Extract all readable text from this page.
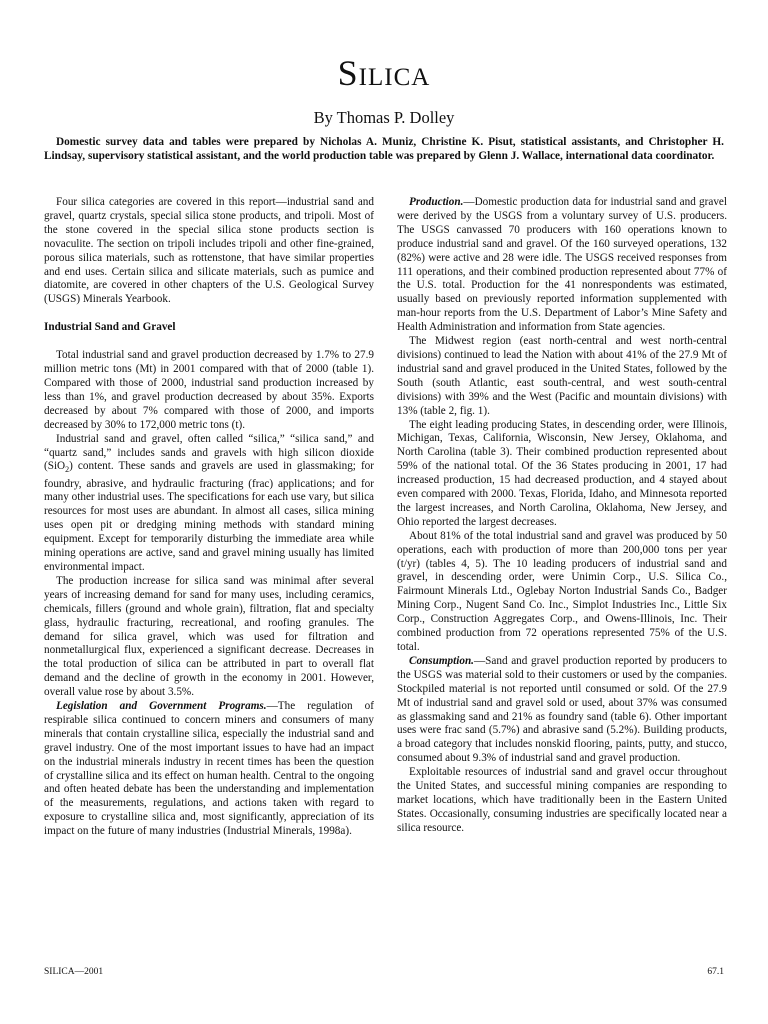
Silica
By Thomas P. Dolley

Domestic survey data and tables were prepared by Nicholas A. Muniz, Christine K. Pisut, statistical assistants, and Christopher H. Lindsay, supervisory statistical assistant, and the world production table was prepared by Glenn J. Wallace, international data coordinator.

Four silica categories are covered in this report—industrial sand and gravel, quartz crystals, special silica stone products, and tripoli. Most of the stone covered in the special silica stone products section is novaculite. The section on tripoli includes tripoli and other fine-grained, porous silica materials, such as rottenstone, that have similar properties and end uses. Certain silica and silicate materials, such as pumice and diatomite, are covered in other chapters of the U.S. Geological Survey (USGS) Minerals Yearbook.

Industrial Sand and Gravel

Total industrial sand and gravel production decreased by 1.7% to 27.9 million metric tons (Mt) in 2001 compared with that of 2000 (table 1). Compared with those of 2000, industrial sand production increased by less than 1%, and gravel production decreased by about 35%. Exports decreased by about 7% compared with those of 2000, and imports decreased by 30% to 172,000 metric tons (t).

Industrial sand and gravel, often called “silica,” “silica sand,” and “quartz sand,” includes sands and gravels with high silicon dioxide (SiO$_2$) content. These sands and gravels are used in glassmaking; for foundry, abrasive, and hydraulic fracturing (frac) applications; and for many other industrial uses. The specifications for each use vary, but silica resources for most uses are abundant. In almost all cases, silica mining uses open pit or dredging mining methods with standard mining equipment. Except for temporarily disturbing the immediate area while mining operations are active, sand and gravel mining usually has limited environmental impact.

The production increase for silica sand was minimal after several years of increasing demand for sand for many uses, including ceramics, chemicals, fillers (ground and whole grain), filtration, flat and specialty glass, hydraulic fracturing, recreational, and roofing granules. The demand for silica gravel, which was used for filtration and nonmetallurgical flux, experienced a significant decrease. Decreases in the total production of silica can be attributed in part to overall flat demand and the decline of growth in the economy in 2001. However, overall value rose by about 3.5%.

Legislation and Government Programs.—The regulation of respirable silica continued to concern miners and consumers of many minerals that contain crystalline silica, especially the industrial sand and gravel industry. One of the most important issues to have had an impact on the industrial minerals industry in recent times has been the question of crystalline silica and its effect on human health. Central to the ongoing and often heated debate has been the understanding and implementation of the measurements, regulations, and actions taken with regard to exposure to crystalline silica and, most significantly, appreciation of its impact on the future of many industries (Industrial Minerals, 1998a).

Production.—Domestic production data for industrial sand and gravel were derived by the USGS from a voluntary survey of U.S. producers. The USGS canvassed 70 producers with 160 operations known to produce industrial sand and gravel. Of the 160 surveyed operations, 132 (82%) were active and 28 were idle. The USGS received responses from 111 operations, and their combined production represented about 77% of the U.S. total. Production for the 41 nonrespondents was estimated, usually based on previously reported information supplemented with man-hour reports from the U.S. Department of Labor’s Mine Safety and Health Administration and information from State agencies.

The Midwest region (east north-central and west north-central divisions) continued to lead the Nation with about 41% of the 27.9 Mt of industrial sand and gravel produced in the United States, followed by the South (south Atlantic, east south-central, and west south-central divisions) with 39% and the West (Pacific and mountain divisions) with 13% (table 2, fig. 1).

The eight leading producing States, in descending order, were Illinois, Michigan, Texas, California, Wisconsin, New Jersey, Oklahoma, and North Carolina (table 3). Their combined production represented about 59% of the national total. Of the 36 States producing in 2001, 17 had increased production, 15 had decreased production, and 4 stayed about even compared with 2000. Texas, Florida, Idaho, and Minnesota reported the largest increases, and North Carolina, Oklahoma, New Jersey, and Ohio reported the largest decreases.

About 81% of the total industrial sand and gravel was produced by 50 operations, each with production of more than 200,000 tons per year (t/yr) (tables 4, 5). The 10 leading producers of industrial sand and gravel, in descending order, were Unimin Corp., U.S. Silica Co., Fairmount Minerals Ltd., Oglebay Norton Industrial Sands Co., Badger Mining Corp., Nugent Sand Co. Inc., Simplot Industries Inc., Little Six Corp., Construction Aggregates Corp., and Owens-Illinois, Inc. Their combined production from 72 operations represented 75% of the U.S. total.

Consumption.—Sand and gravel production reported by producers to the USGS was material sold to their customers or used by the companies. Stockpiled material is not reported until consumed or sold. Of the 27.9 Mt of industrial sand and gravel sold or used, about 37% was consumed as glassmaking sand and 21% as foundry sand (table 6). Other important uses were frac sand (5.7%) and abrasive sand (5.2%). Building products, a broad category that includes nonskid flooring, paints, putty, and stucco, consumed about 9.3% of industrial sand and gravel production.

Exploitable resources of industrial sand and gravel occur throughout the United States, and successful mining companies are responding to market locations, which have traditionally been in the Eastern United States. Occasionally, consuming industries are specifically located near a silica resource.

SILICA—2001	67.1
